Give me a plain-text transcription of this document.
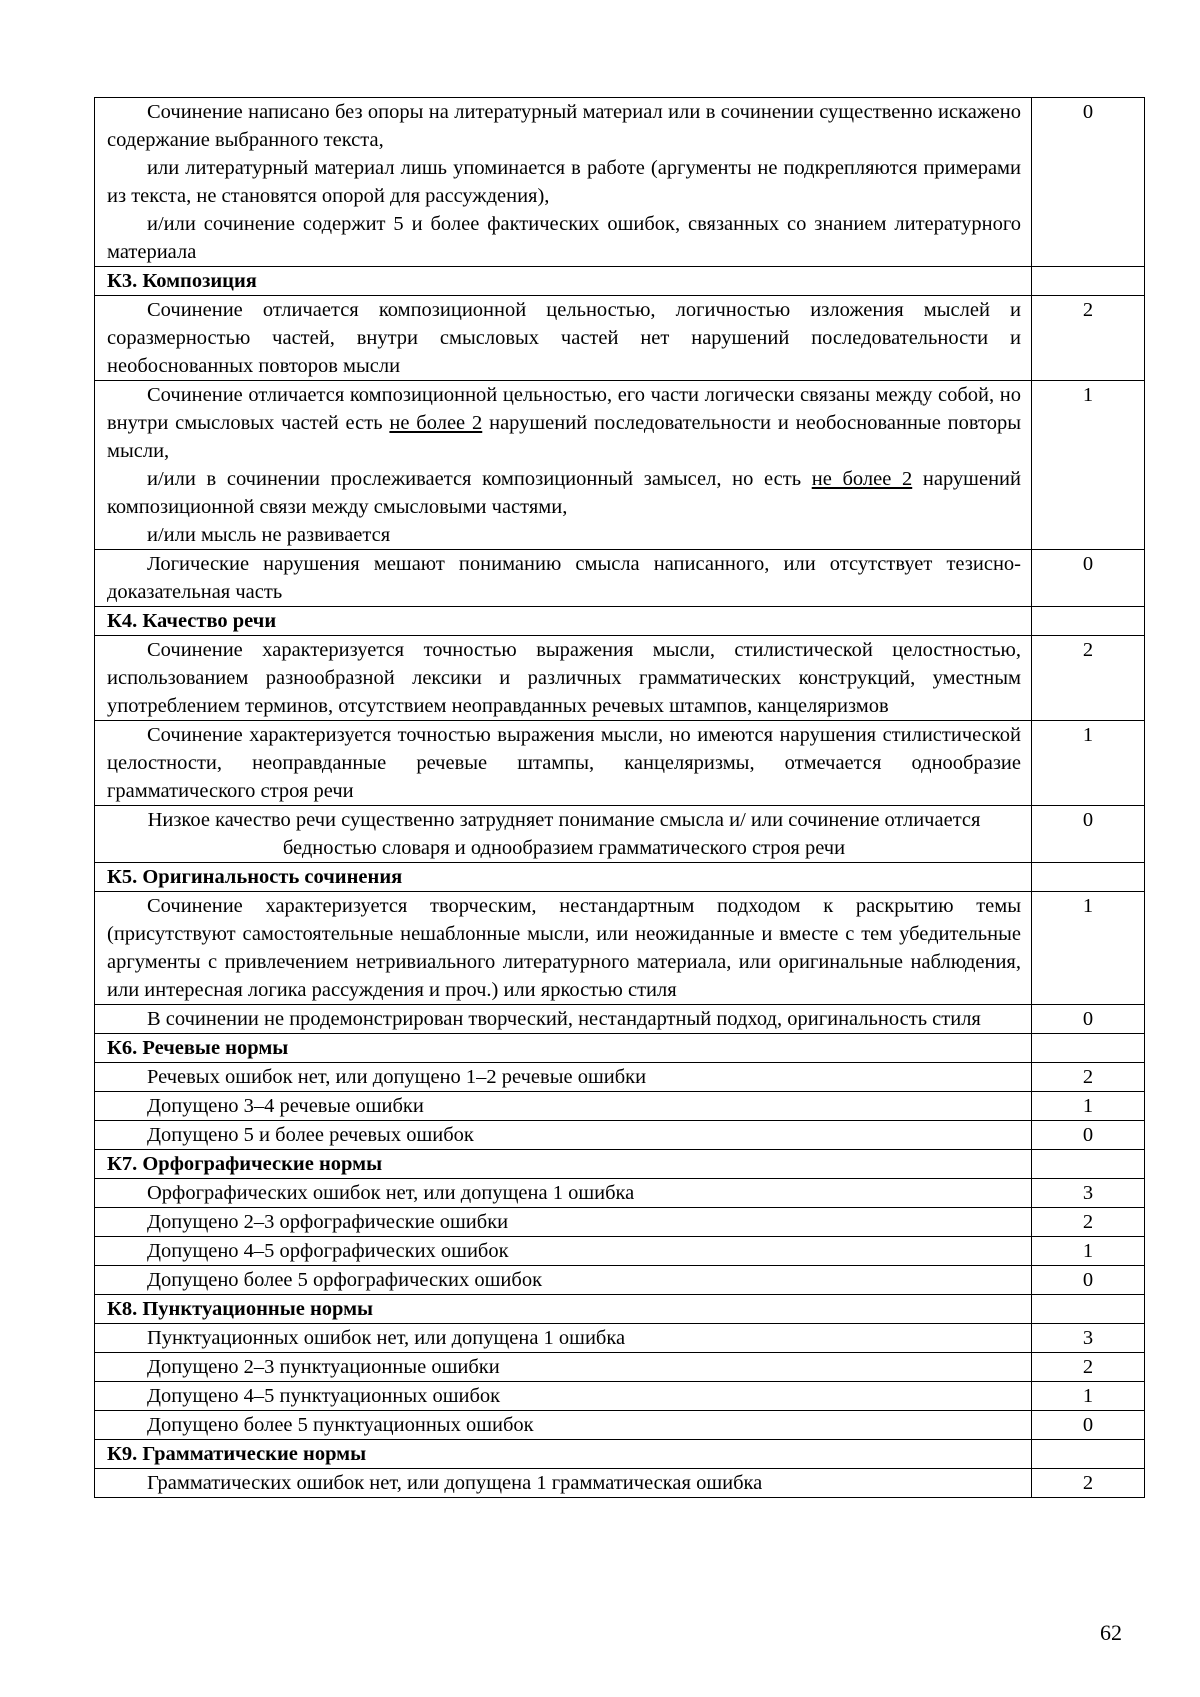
Сочинение написано без опоры на литературный материал или в сочинении существенно искажено содержание выбранного текста,

или литературный материал лишь упоминается в работе (аргументы не подкрепляются примерами из текста, не становятся опорой для рассуждения),

и/или сочинение содержит 5 и более фактических ошибок, связанных со знанием литературного материала	0
К3. Композиция	

Сочинение отличается композиционной цельностью, логичностью изложения мыслей и соразмерностью частей, внутри смысловых частей нет нарушений последовательности и необоснованных повторов мысли	2

Сочинение отличается композиционной цельностью, его части логически связаны между собой, но внутри смысловых частей есть не более 2 нарушений последовательности и необоснованные повторы мысли,

и/или в сочинении прослеживается композиционный замысел, но есть не более 2 нарушений композиционной связи между смысловыми частями,

и/или мысль не развивается	1

Логические нарушения мешают пониманию смысла написанного, или отсутствует тезисно-доказательная часть	0
К4. Качество речи	

Сочинение характеризуется точностью выражения мысли, стилистической целостностью, использованием разнообразной лексики и различных грамматических конструкций, уместным употреблением терминов, отсутствием неоправданных речевых штампов, канцеляризмов	2

Сочинение характеризуется точностью выражения мысли, но имеются нарушения стилистической целостности, неоправданные речевые штампы, канцеляризмы, отмечается однообразие грамматического строя речи	1

Низкое качество речи существенно затрудняет понимание смысла и/ или сочинение отличается бедностью словаря и однообразием грамматического строя речи	0
К5. Оригинальность сочинения	

Сочинение характеризуется творческим, нестандартным подходом к раскрытию темы (присутствуют самостоятельные нешаблонные мысли, или неожиданные и вместе с тем убедительные аргументы с привлечением нетривиального литературного материала, или оригинальные наблюдения, или интересная логика рассуждения и проч.) или яркостью стиля	1

В сочинении не продемонстрирован творческий, нестандартный подход, оригинальность стиля	0
К6. Речевые нормы	
Речевых ошибок нет, или допущено 1–2 речевые ошибки	2
Допущено 3–4 речевые ошибки	1
Допущено 5 и более речевых ошибок	0
К7. Орфографические нормы	
Орфографических ошибок нет, или допущена 1 ошибка	3
Допущено 2–3 орфографические ошибки	2
Допущено 4–5 орфографических ошибок	1
Допущено более 5 орфографических ошибок	0
К8. Пунктуационные нормы	
Пунктуационных ошибок нет, или допущена 1 ошибка	3
Допущено 2–3 пунктуационные ошибки	2
Допущено 4–5 пунктуационных ошибок	1
Допущено более 5 пунктуационных ошибок	0
К9. Грамматические нормы	
Грамматических ошибок нет, или допущена 1 грамматическая ошибка	2
62
